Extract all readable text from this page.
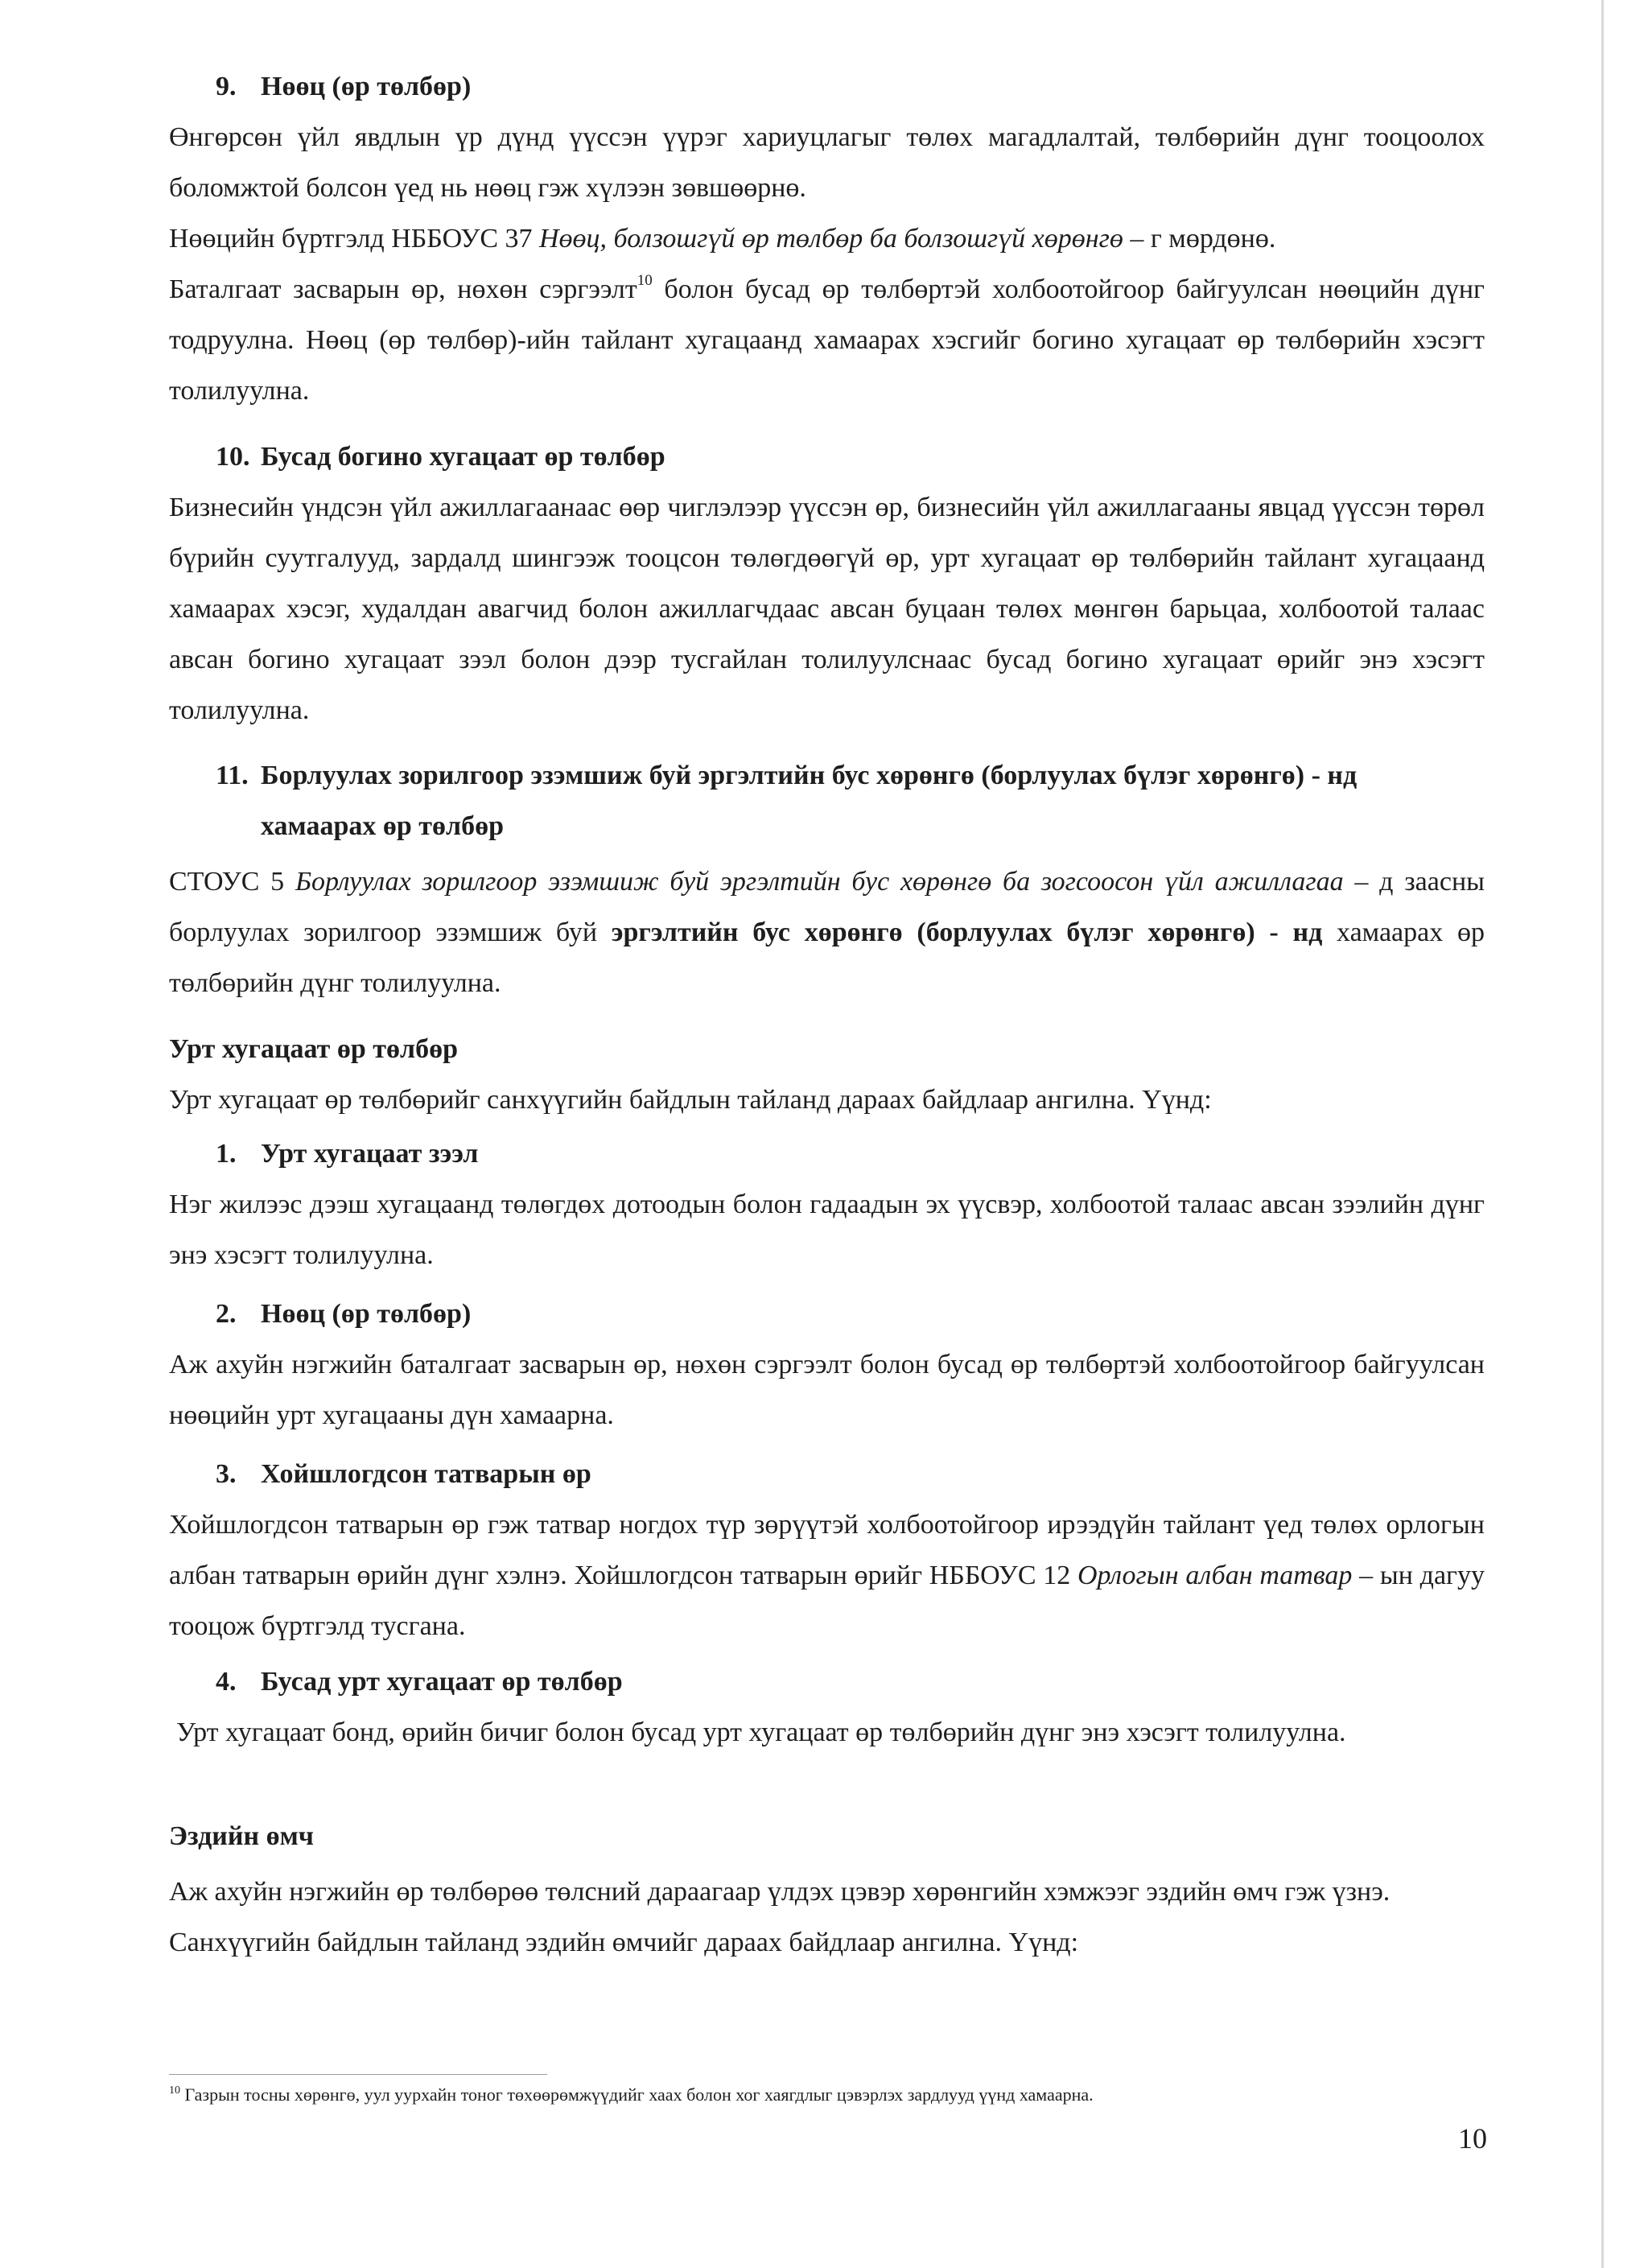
9. Нөөц (өр төлбөр)

Өнгөрсөн үйл явдлын үр дүнд үүссэн үүрэг хариуцлагыг төлөх магадлалтай, төлбөрийн дүнг тооцоолох боломжтой болсон үед нь нөөц гэж хүлээн зөвшөөрнө.

Нөөцийн бүртгэлд НББОУС 37 Нөөц, болзошгүй өр төлбөр ба болзошгүй хөрөнгө – г мөрдөнө.

Баталгаат засварын өр, нөхөн сэргээлт$^{10}$ болон бусад өр төлбөртэй холбоотойгоор байгуулсан нөөцийн дүнг тодруулна. Нөөц (өр төлбөр)-ийн тайлант хугацаанд хамаарах хэсгийг богино хугацаат өр төлбөрийн хэсэгт толилуулна.

10. Бусад богино хугацаат өр төлбөр

Бизнесийн үндсэн үйл ажиллагаанаас өөр чиглэлээр үүссэн өр, бизнесийн үйл ажиллагааны явцад үүссэн төрөл бүрийн суутгалууд, зардалд шингээж тооцсон төлөгдөөгүй өр, урт хугацаат өр төлбөрийн тайлант хугацаанд хамаарах хэсэг, худалдан авагчид болон ажиллагчдаас авсан буцаан төлөх мөнгөн барьцаа, холбоотой талаас авсан богино хугацаат зээл болон дээр тусгайлан толилуулснаас бусад богино хугацаат өрийг энэ хэсэгт толилуулна.

11. Борлуулах зорилгоор эзэмшиж буй эргэлтийн бус хөрөнгө (борлуулах бүлэг хөрөнгө) - нд
хамаарах өр төлбөр

СТОУС 5 Борлуулах зорилгоор эзэмшиж буй эргэлтийн бус хөрөнгө ба зогсоосон үйл ажиллагаа – д заасны борлуулах зорилгоор эзэмшиж буй эргэлтийн бус хөрөнгө (борлуулах бүлэг хөрөнгө) - нд хамаарах өр төлбөрийн дүнг толилуулна.

Урт хугацаат өр төлбөр

Урт хугацаат өр төлбөрийг санхүүгийн байдлын тайланд дараах байдлаар ангилна. Үүнд:

1. Урт хугацаат зээл

Нэг жилээс дээш хугацаанд төлөгдөх дотоодын болон гадаадын эх үүсвэр, холбоотой талаас авсан зээлийн дүнг энэ хэсэгт толилуулна.

2. Нөөц (өр төлбөр)

Аж ахуйн нэгжийн баталгаат засварын өр, нөхөн сэргээлт болон бусад өр төлбөртэй холбоотойгоор байгуулсан нөөцийн урт хугацааны дүн хамаарна.

3. Хойшлогдсон татварын өр

Хойшлогдсон татварын өр гэж татвар ногдох түр зөрүүтэй холбоотойгоор ирээдүйн тайлант үед төлөх орлогын албан татварын өрийн дүнг хэлнэ. Хойшлогдсон татварын өрийг НББОУС 12 Орлогын албан татвар – ын дагуу тооцож бүртгэлд тусгана.

4. Бусад урт хугацаат өр төлбөр

Урт хугацаат бонд, өрийн бичиг болон бусад урт хугацаат өр төлбөрийн дүнг энэ хэсэгт толилуулна.

Эздийн өмч

Аж ахуйн нэгжийн өр төлбөрөө төлсний дараагаар үлдэх цэвэр хөрөнгийн хэмжээг эздийн өмч гэж үзнэ.

Санхүүгийн байдлын тайланд эздийн өмчийг дараах байдлаар ангилна. Үүнд:

$^{10}$ Газрын тосны хөрөнгө, уул уурхайн тоног төхөөрөмжүүдийг хаах болон хог хаягдлыг цэвэрлэх зардлууд үүнд хамаарна.
10
